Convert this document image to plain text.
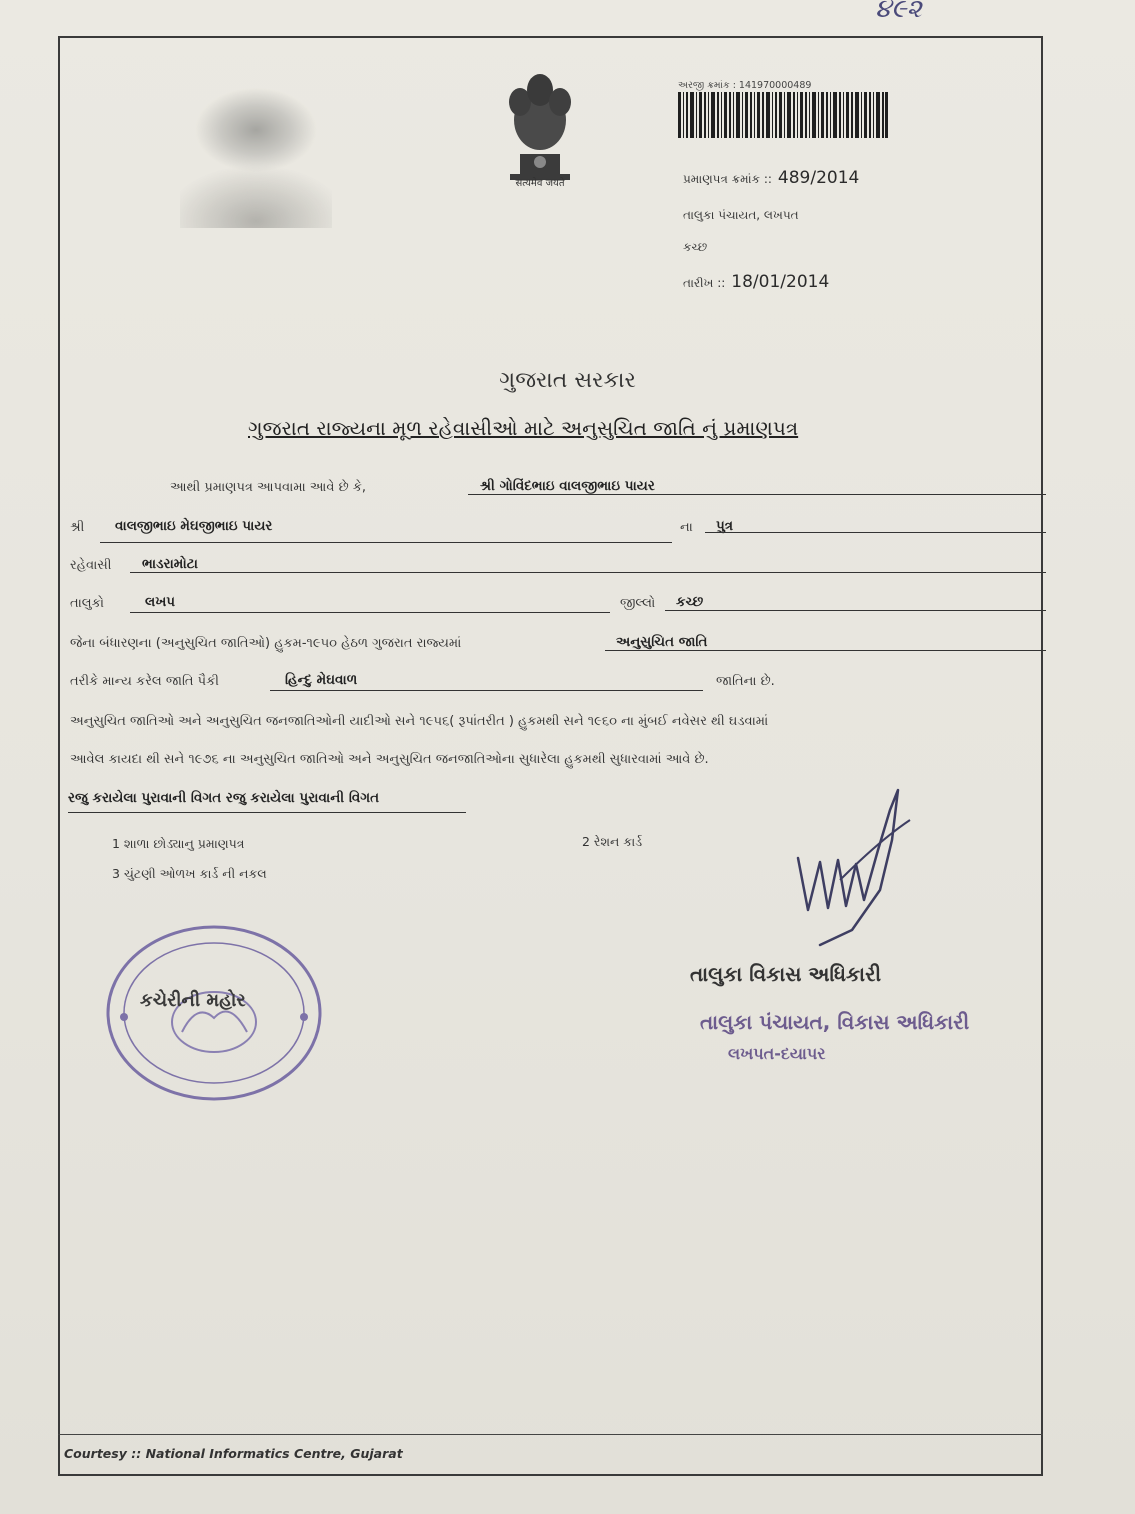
૪૯૨
सत्यमेव जयते
અરજી ક્રમાંક : 141970000489
પ્રમાણપત્ર ક્રમાંક :: 489/2014
તાલુકા પંચાયત, લખપત
કચ્છ
તારીખ :: 18/01/2014
ગુજરાત સરકાર
ગુજરાત રાજ્યના મૂળ રહેવાસીઓ માટે અનુસુચિત જાતિ નું પ્રમાણપત્ર
આથી પ્રમાણપત્ર આપવામા આવે છે કે,	શ્રી ગોવિંદભાઇ વાલજીભાઇ પાયર
શ્રી વાલજીભાઇ મેઘજીભાઇ પાયર	ના પુત્ર
રહેવાસી ભાડરામોટા
તાલુકો	લખપ	જીલ્લો કચ્છ
જેના બંધારણના (અનુસુચિત જાતિઓ) હુકમ-૧૯૫૦ હેઠળ ગુજરાત રાજ્યમાં	અનુસુચિત જાતિ
તરીકે માન્ય કરેલ જાતિ પૈકી	હિન્દુ મેઘવાળ	જાતિના છે.
અનુસુચિત જાતિઓ અને અનુસુચિત જનજાતિઓની યાદીઓ સને ૧૯૫૬( રૂપાંતરીત ) હુકમથી સને ૧૯૬૦ ના મુંબઈ નવેસર થી ઘડવામાં
આવેલ કાયદા થી સને ૧૯૭૬ ના અનુસુચિત જાતિઓ અને અનુસુચિત જનજાતિઓના સુધારેલા હુકમથી સુધારવામાં આવે છે.
રજુ કરાયેલા પુરાવાની વિગત રજુ કરાયેલા પુરાવાની વિગત
1 શાળા છોડ્યાનુ પ્રમાણપત્ર	2 રેશન કાર્ડ
3 ચુંટણી ઓળખ કાર્ડ ની નકલ
કચેરીની મહોર
તાલુકા વિકાસ અધિકારી
તાલુકા પંચાયત, વિકાસ અધિકારી
લખપત-દયાપર
Courtesy :: National Informatics Centre, Gujarat
